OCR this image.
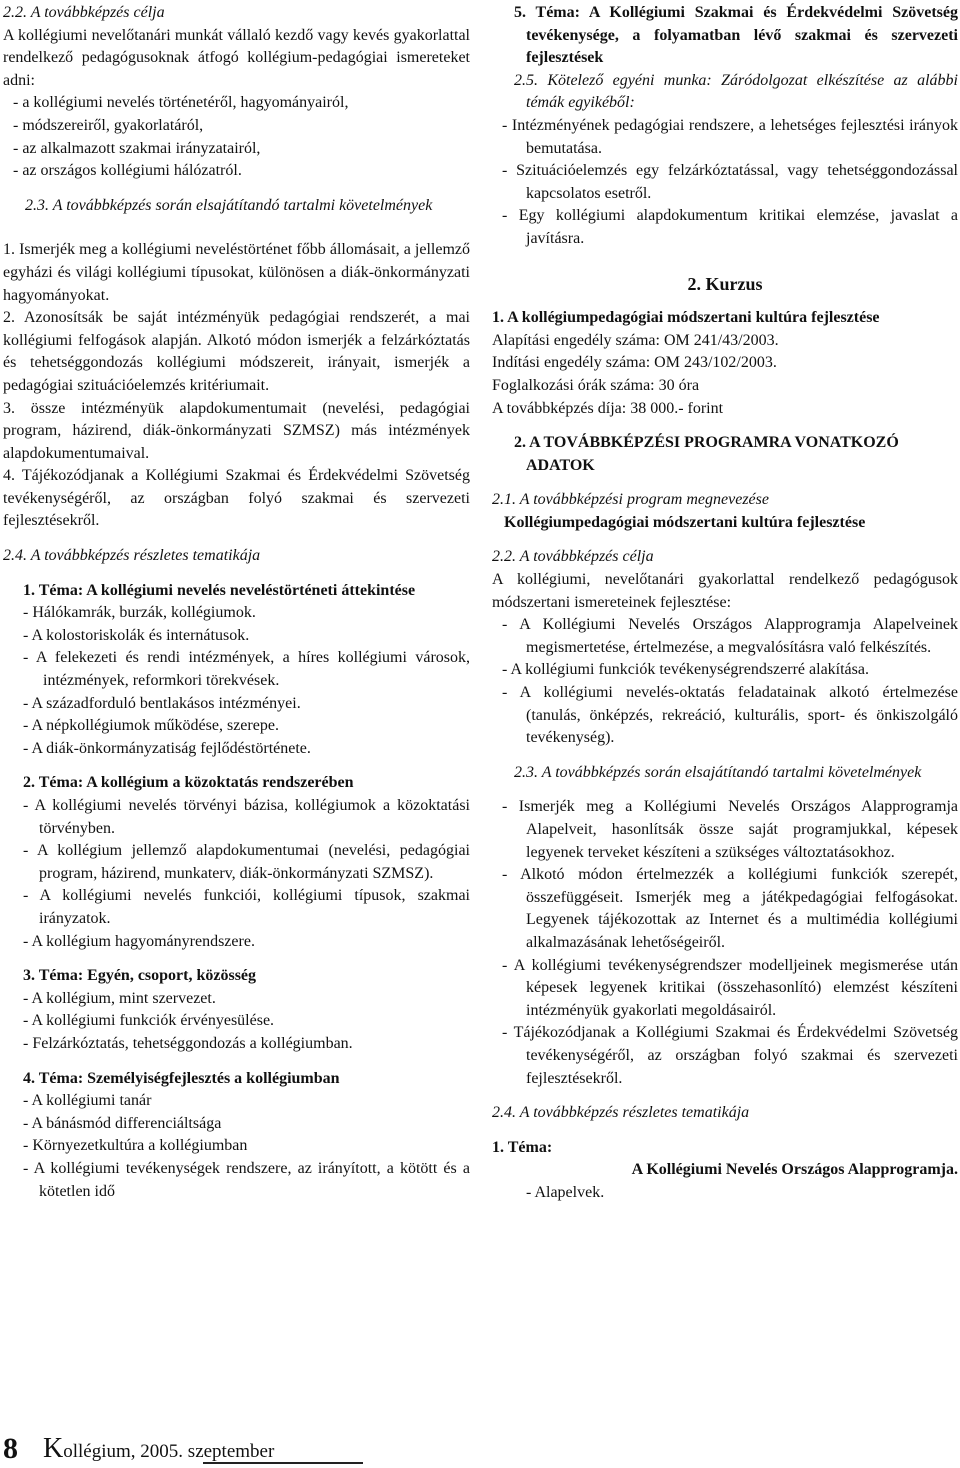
2.2. A továbbképzés célja

A kollégiumi nevelőtanári munkát vállaló kezdő vagy kevés gyakorlattal rendelkező pedagógusoknak átfogó kollégium-pedagógiai ismereteket adni:

- a kollégiumi nevelés történetéről, hagyományairól,

- módszereiről, gyakorlatáról,

- az alkalmazott szakmai irányzatairól,

- az országos kollégiumi hálózatról.

2.3. A továbbképzés során elsajátítandó tartalmi követelmények

1. Ismerjék meg a kollégiumi neveléstörténet főbb állomásait, a jellemző egyházi és világi kollégiumi típusokat, különösen a diák-önkormányzati hagyományokat.

2. Azonosítsák be saját intézményük pedagógiai rendszerét, a mai kollégiumi felfogások alapján. Alkotó módon ismerjék a felzárkóztatás és tehetséggondozás kollégiumi módszereit, irányait, ismerjék a pedagógiai szituációelemzés kritériumait.

3. össze intézményük alapdokumentumait (nevelési, pedagógiai program, házirend, diák-önkormányzati SZMSZ) más intézmények alapdokumentumaival.

4. Tájékozódjanak a Kollégiumi Szakmai és Érdekvédelmi Szövetség tevékenységéről, az országban folyó szakmai és szervezeti fejlesztésekről.

2.4. A továbbképzés részletes tematikája

1. Téma: A kollégiumi nevelés neveléstörténeti áttekintése

- Hálókamrák, burzák, kollégiumok.

- A kolostoriskolák és internátusok.

- A felekezeti és rendi intézmények, a híres kollégiumi városok, intézmények, reformkori törekvések.

- A századforduló bentlakásos intézményei.

- A népkollégiumok működése, szerepe.

- A diák-önkormányzatiság fejlődéstörténete.

2. Téma: A kollégium a közoktatás rendszerében

- A kollégiumi nevelés törvényi bázisa, kollégiumok a közoktatási törvényben.

- A kollégium jellemző alapdokumentumai (nevelési, pedagógiai program, házirend, munkaterv, diák-önkormányzati SZMSZ).

- A kollégiumi nevelés funkciói, kollégiumi típusok, szakmai irányzatok.

- A kollégium hagyományrendszere.

3. Téma: Egyén, csoport, közösség

- A kollégium, mint szervezet.

- A kollégiumi funkciók érvényesülése.

- Felzárkóztatás, tehetséggondozás a kollégiumban.

4. Téma: Személyiségfejlesztés a kollégiumban

- A kollégiumi tanár

- A bánásmód differenciáltsága

- Környezetkultúra a kollégiumban

- A kollégiumi tevékenységek rendszere, az irányított, a kötött és a kötetlen idő

5. Téma: A Kollégiumi Szakmai és Érdekvédelmi Szövetség tevékenysége, a folyamatban lévő szakmai és szervezeti fejlesztések

2.5. Kötelező egyéni munka: Záródolgozat elkészítése az alábbi témák egyikéből:

- Intézményének pedagógiai rendszere, a lehetséges fejlesztési irányok bemutatása.

- Szituációelemzés egy felzárkóztatással, vagy tehetséggondozással kapcsolatos esetről.

- Egy kollégiumi alapdokumentum kritikai elemzése, javaslat a javításra.

2. Kurzus

1. A kollégiumpedagógiai módszertani kultúra fejlesztése

Alapítási engedély száma: OM 241/43/2003.

Indítási engedély száma: OM 243/102/2003.

Foglalkozási órák száma: 30 óra

A továbbképzés díja: 38 000.- forint

2. A TOVÁBBKÉPZÉSI PROGRAMRA VONATKOZÓ ADATOK

2.1. A továbbképzési program megnevezése

Kollégiumpedagógiai módszertani kultúra fejlesztése

2.2. A továbbképzés célja

A kollégiumi, nevelőtanári gyakorlattal rendelkező pedagógusok módszertani ismereteinek fejlesztése:

- A Kollégiumi Nevelés Országos Alapprogramja Alapelveinek megismertetése, értelmezése, a megvalósításra való felkészítés.

- A kollégiumi funkciók tevékenységrendszerré alakítása.

- A kollégiumi nevelés-oktatás feladatainak alkotó értelmezése (tanulás, önképzés, rekreáció, kulturális, sport- és önkiszolgáló tevékenység).

2.3. A továbbképzés során elsajátítandó tartalmi követelmények

- Ismerjék meg a Kollégiumi Nevelés Országos Alapprogramja Alapelveit, hasonlítsák össze saját programjukkal, képesek legyenek terveket készíteni a szükséges változtatásokhoz.

- Alkotó módon értelmezzék a kollégiumi funkciók szerepét, összefüggéseit. Ismerjék meg a játékpedagógiai felfogásokat. Legyenek tájékozottak az Internet és a multimédia kollégiumi alkalmazásának lehetőségeiről.

- A kollégiumi tevékenységrendszer modelljeinek megismerése után képesek legyenek kritikai (összehasonlító) elemzést készíteni intézményük gyakorlati megoldásairól.

- Tájékozódjanak a Kollégiumi Szakmai és Érdekvédelmi Szövetség tevékenységéről, az országban folyó szakmai és szervezeti fejlesztésekről.

2.4. A továbbképzés részletes tematikája

1. Téma:

A Kollégiumi Nevelés Országos Alapprogramja.

- Alapelvek.

8 Kollégium, 2005. szeptember
